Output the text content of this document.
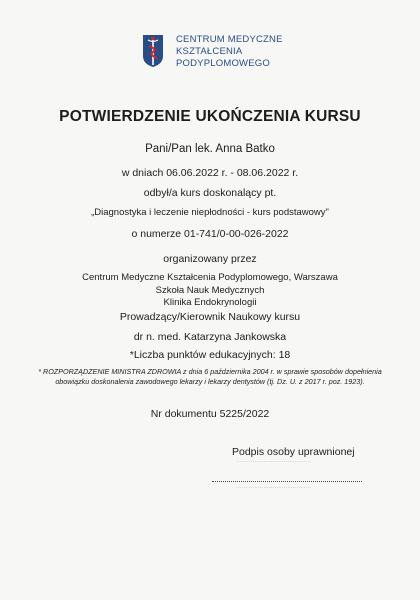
CENTRUM MEDYCZNE
KSZTAŁCENIA
PODYPLOMOWEGO
POTWIERDZENIE UKOŃCZENIA KURSU
Pani/Pan lek. Anna Batko
w dniach 06.06.2022 r. - 08.06.2022 r.
odbył/a kurs doskonalący pt.
„Diagnostyka i leczenie niepłodności - kurs podstawowy"
o numerze 01-741/0-00-026-2022
organizowany przez
Centrum Medyczne Kształcenia Podyplomowego, Warszawa
Szkoła Nauk Medycznych
Klinika Endokrynologii
Prowadzący/Kierownik Naukowy kursu
dr n. med. Katarzyna Jankowska
*Liczba punktów edukacyjnych: 18
* ROZPORZĄDZENIE MINISTRA ZDROWIA z dnia 6 października 2004 r. w sprawie sposobów dopełnienia obowiązku doskonalenia zawodowego lekarzy i lekarzy dentystów (tj. Dz. U. z 2017 r. poz. 1923).
Nr dokumentu 5225/2022
Podpis osoby uprawnionej
·········································
·········································
